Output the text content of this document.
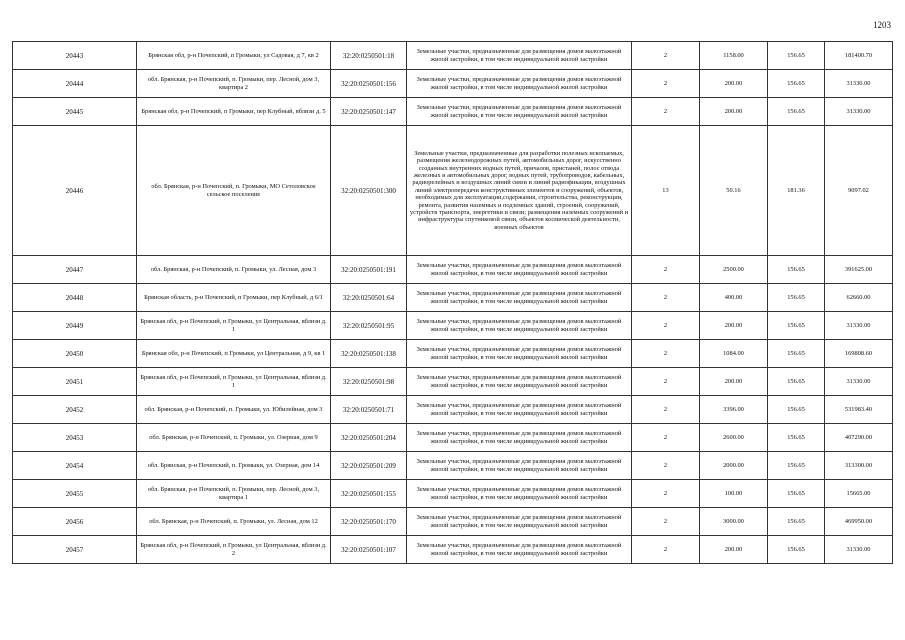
1203
20443	Брянская обл, р-н Почепский, п Громыки, ул Садовая, д 7, кв 2	32:20:0250501:18	Земельные участки, предназначенные для размещения домов малоэтажной жилой застройки, в том числе индивидуальной жилой застройки	2	1158.00	156.65	181400.70
20444	обл. Брянская, р-н Почепский, п. Громыки, пер. Лесной, дом 3, квартира 2	32:20:0250501:156	Земельные участки, предназначенные для размещения домов малоэтажной жилой застройки, в том числе индивидуальной жилой застройки	2	200.00	156.65	31330.00
20445	Брянская обл, р-н Почепский, п Громыки, пер Клубный, вблизи д. 5	32:20:0250501:147	Земельные участки, предназначенные для размещения домов малоэтажной жилой застройки, в том числе индивидуальной жилой застройки	2	200.00	156.65	31330.00
20446	обл. Брянская, р-н Почепский, п. Громыки, МО Сетоловское сельское поселение	32:20:0250501:300	Земельные участки, предназначенные для разработки полезных ископаемых, размещения железнодорожных путей, автомобильных дорог, искусственно созданных внутренних водных путей, причалов, пристаней, полос отвода железных и автомобильных дорог, водных путей, трубопроводов, кабельных, радиорелейных и воздушных линий связи и линий радиофикации, воздушных линий электропередачи конструктивных элементов и сооружений, объектов, необходимых для эксплуатации,содержания, строительства, реконструкции, ремонта, развития наземных и подземных зданий, строений, сооружений, устройств транспорта, энергетики и связи; размещения наземных сооружений и инфраструктуры спутниковой связи, объектов космической деятельности, военных объектов	13	50.16	181.36	9097.02
20447	обл. Брянская, р-н Почепский, п. Громыки, ул. Лесная, дом 3	32:20:0250501:191	Земельные участки, предназначенные для размещения домов малоэтажной жилой застройки, в том числе индивидуальной жилой застройки	2	2500.00	156.65	391625.00
20448	Брянская область, р-н Почепский, п Громыки, пер Клубный, д 6/1	32:20:0250501:64	Земельные участки, предназначенные для размещения домов малоэтажной жилой застройки, в том числе индивидуальной жилой застройки	2	400.00	156.65	62660.00
20449	Брянская обл, р-н Почепский, п Громыки, ул Центральная, вблизи д. 1	32:20:0250501:95	Земельные участки, предназначенные для размещения домов малоэтажной жилой застройки, в том числе индивидуальной жилой застройки	2	200.00	156.65	31330.00
20450	Брянская обл, р-н Почепский, п Громыки, ул Центральная, д 9, кв 1	32:20:0250501:138	Земельные участки, предназначенные для размещения домов малоэтажной жилой застройки, в том числе индивидуальной жилой застройки	2	1084.00	156.65	169808.60
20451	Брянская обл, р-н Почепский, п Громыки, ул Центральная, вблизи д. 1	32:20:0250501:98	Земельные участки, предназначенные для размещения домов малоэтажной жилой застройки, в том числе индивидуальной жилой застройки	2	200.00	156.65	31330.00
20452	обл. Брянская, р-н Почепский, п. Громыки, ул. Юбилейная, дом 3	32:20:0250501:71	Земельные участки, предназначенные для размещения домов малоэтажной жилой застройки, в том числе индивидуальной жилой застройки	2	3396.00	156.65	531983.40
20453	обл. Брянская, р-н Почепский, п. Громыки, ул. Озерная, дом 9	32:20:0250501:204	Земельные участки, предназначенные для размещения домов малоэтажной жилой застройки, в том числе индивидуальной жилой застройки	2	2600.00	156.65	407290.00
20454	обл. Брянская, р-н Почепский, п. Громыки, ул. Озерная, дом 14	32:20:0250501:209	Земельные участки, предназначенные для размещения домов малоэтажной жилой застройки, в том числе индивидуальной жилой застройки	2	2000.00	156.65	313300.00
20455	обл. Брянская, р-н Почепский, п. Громыки, пер. Лесной, дом 3, квартира 1	32:20:0250501:155	Земельные участки, предназначенные для размещения домов малоэтажной жилой застройки, в том числе индивидуальной жилой застройки	2	100.00	156.65	15665.00
20456	обл. Брянская, р-н Почепский, п. Громыки, ул. Лесная, дом 12	32:20:0250501:170	Земельные участки, предназначенные для размещения домов малоэтажной жилой застройки, в том числе индивидуальной жилой застройки	2	3000.00	156.65	469950.00
20457	Брянская обл, р-н Почепский, п Громыки, ул Центральная, вблизи д. 2	32:20:0250501:107	Земельные участки, предназначенные для размещения домов малоэтажной жилой застройки, в том числе индивидуальной жилой застройки	2	200.00	156.65	31330.00
